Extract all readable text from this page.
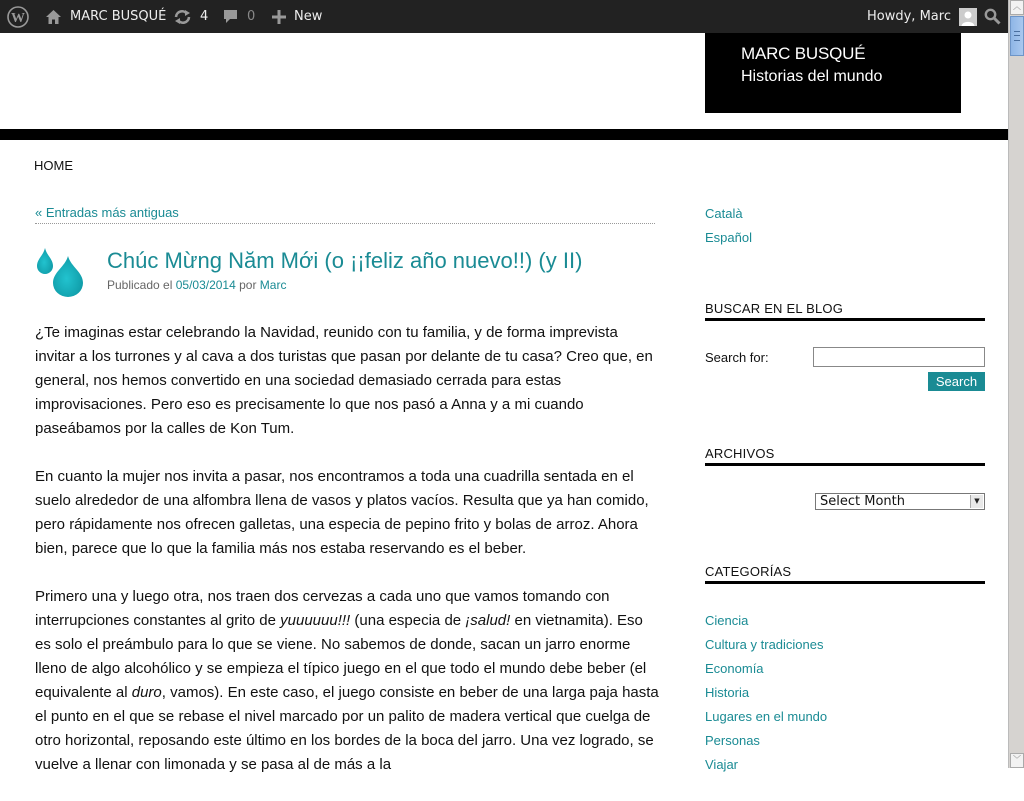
W	MARC BUSQUÉ	4	0	New	Howdy, Marc
︿
﹀
MARC BUSQUÉ
Historias del mundo
HOME
« Entradas más antiguas
Chúc Mừng Năm Mới (o ¡¡feliz año nuevo!!) (y II)
Publicado el 05/03/2014 por Marc

¿Te imaginas estar celebrando la Navidad, reunido con tu familia, y de forma imprevista invitar a los turrones y al cava a dos turistas que pasan por delante de tu casa? Creo que, en general, nos hemos convertido en una sociedad demasiado cerrada para estas improvisaciones. Pero eso es precisamente lo que nos pasó a Anna y a mi cuando paseábamos por la calles de Kon Tum.

En cuanto la mujer nos invita a pasar, nos encontramos a toda una cuadrilla sentada en el suelo alrededor de una alfombra llena de vasos y platos vacíos. Resulta que ya han comido, pero rápidamente nos ofrecen galletas, una especia de pepino frito y bolas de arroz. Ahora bien, parece que lo que la familia más nos estaba reservando es el beber.

Primero una y luego otra, nos traen dos cervezas a cada uno que vamos tomando con interrupciones constantes al grito de yuuuuuu!!! (una especia de ¡salud! en vietnamita). Eso es solo el preámbulo para lo que se viene. No sabemos de donde, sacan un jarro enorme lleno de algo alcohólico y se empieza el típico juego en el que todo el mundo debe beber (el equivalente al duro, vamos). En este caso, el juego consiste en beber de una larga paja hasta el punto en el que se rebase el nivel marcado por un palito de madera vertical que cuelga de otro horizontal, reposando este último en los bordes de la boca del jarro. Una vez logrado, se vuelve a llenar con limonada y se pasa al de más a la

Català
Español
BUSCAR EN EL BLOG
Search for:
Search
ARCHIVOS
Select Month	▼
CATEGORÍAS
Ciencia
Cultura y tradiciones
Economía
Historia
Lugares en el mundo
Personas
Viajar
